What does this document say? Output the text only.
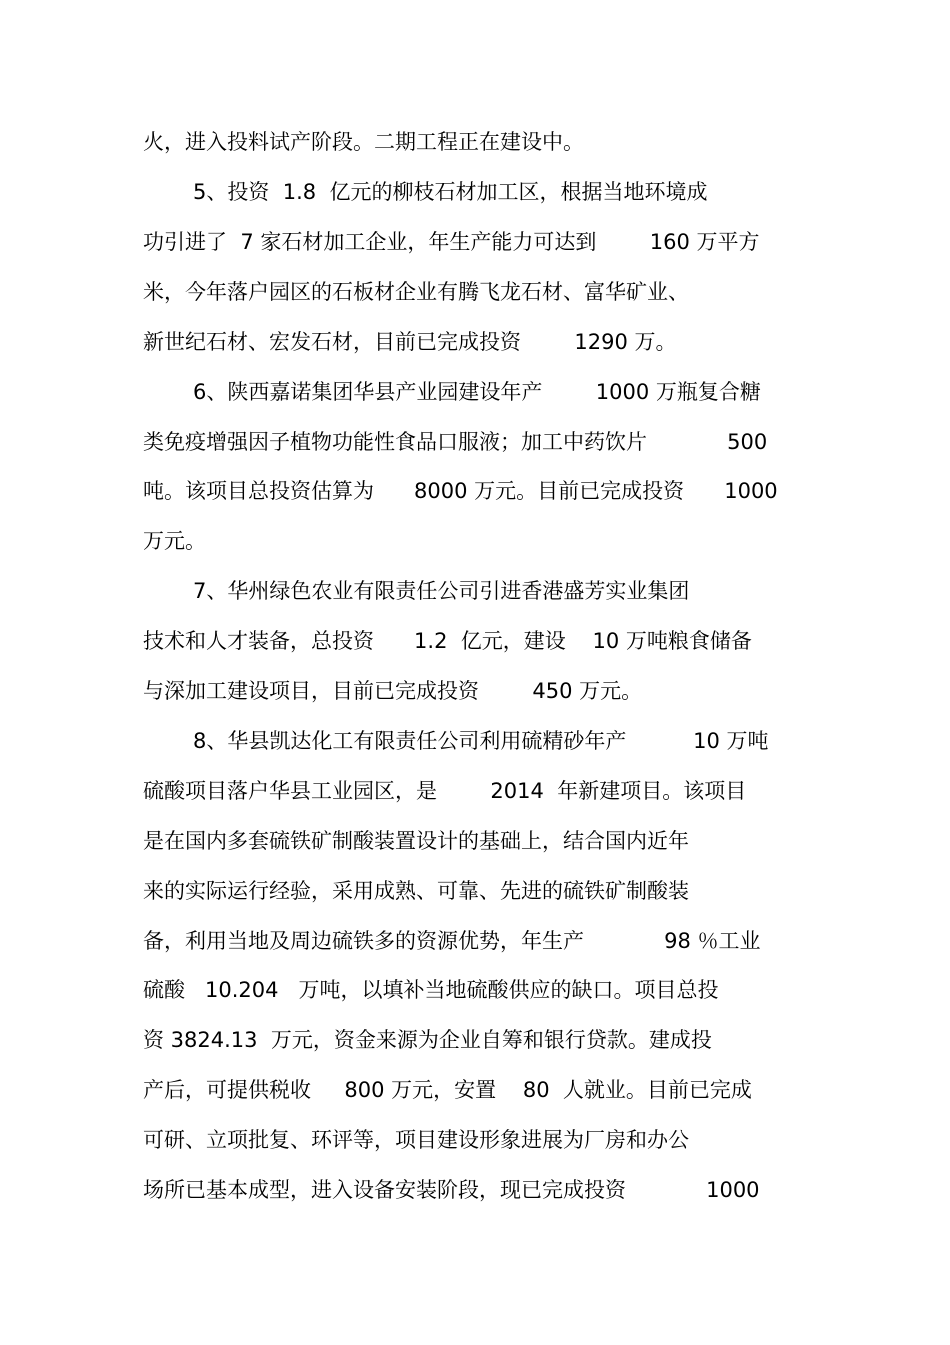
火，进入投料试产阶段。二期工程正在建设中。
5、投资  1.8  亿元的柳枝石材加工区，根据当地环境成
功引进了  7 家石材加工企业，年生产能力可达到        160 万平方
米，今年落户园区的石板材企业有腾飞龙石材、富华矿业、
新世纪石材、宏发石材，目前已完成投资        1290 万。
6、陕西嘉诺集团华县产业园建设年产        1000 万瓶复合糖
类免疫增强因子植物功能性食品口服液；加工中药饮片            500
吨。该项目总投资估算为      8000 万元。目前已完成投资      1000
万元。
7、华州绿色农业有限责任公司引进香港盛芳实业集团
技术和人才装备，总投资      1.2  亿元，建设    10 万吨粮食储备
与深加工建设项目，目前已完成投资        450 万元。
8、华县凯达化工有限责任公司利用硫精砂年产          10 万吨
硫酸项目落户华县工业园区，是        2014  年新建项目。该项目
是在国内多套硫铁矿制酸装置设计的基础上，结合国内近年
来的实际运行经验，采用成熟、可靠、先进的硫铁矿制酸装
备，利用当地及周边硫铁多的资源优势，年生产            98 ％工业
硫酸   10.204   万吨，以填补当地硫酸供应的缺口。项目总投
资 3824.13  万元，资金来源为企业自筹和银行贷款。建成投
产后，可提供税收     800 万元，安置    80  人就业。目前已完成
可研、立项批复、环评等，项目建设形象进展为厂房和办公
场所已基本成型，进入设备安装阶段，现已完成投资            1000
